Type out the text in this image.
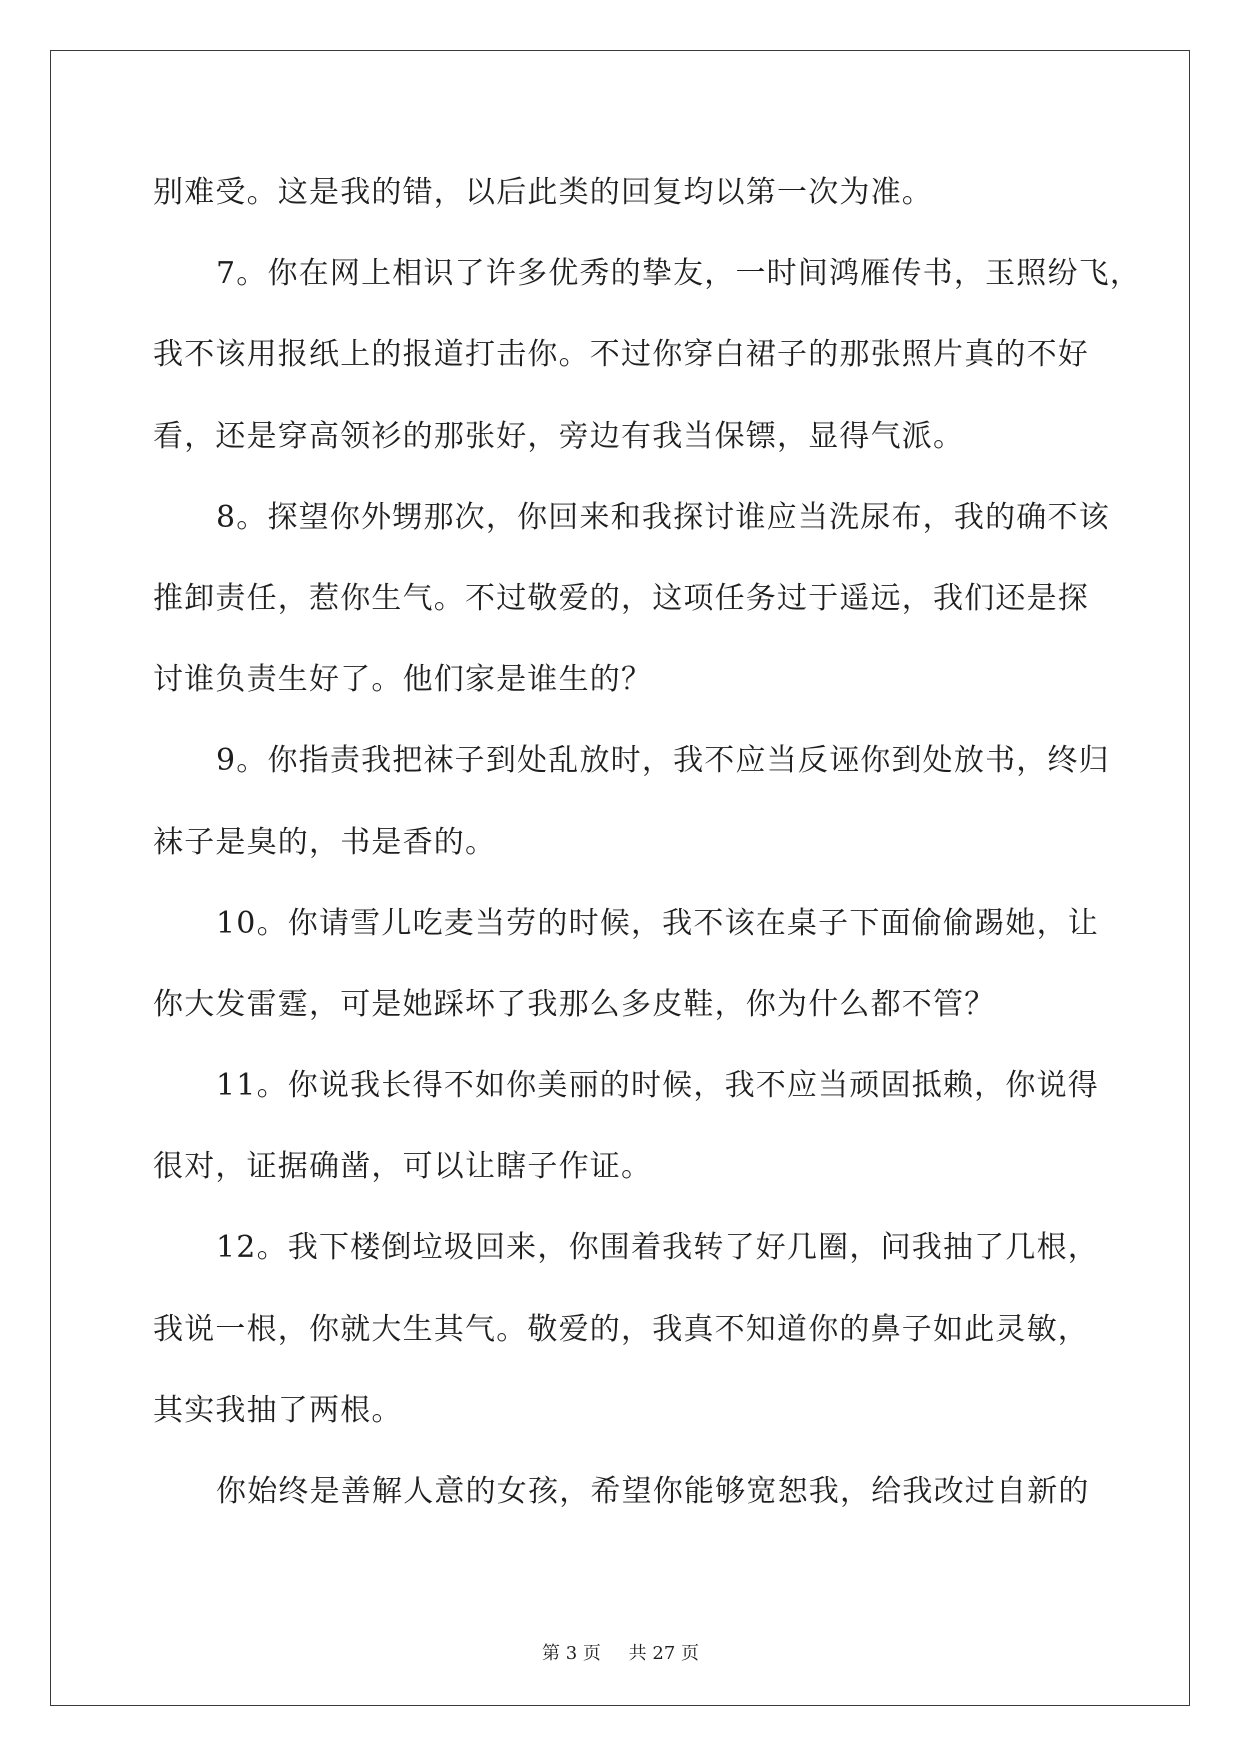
别难受。这是我的错，以后此类的回复均以第一次为准。
7。你在网上相识了许多优秀的挚友，一时间鸿雁传书，玉照纷飞，
我不该用报纸上的报道打击你。不过你穿白裙子的那张照片真的不好
看，还是穿高领衫的那张好，旁边有我当保镖，显得气派。
8。探望你外甥那次，你回来和我探讨谁应当洗尿布，我的确不该
推卸责任，惹你生气。不过敬爱的，这项任务过于遥远，我们还是探
讨谁负责生好了。他们家是谁生的？
9。你指责我把袜子到处乱放时，我不应当反诬你到处放书，终归
袜子是臭的，书是香的。
10。你请雪儿吃麦当劳的时候，我不该在桌子下面偷偷踢她，让
你大发雷霆，可是她踩坏了我那么多皮鞋，你为什么都不管？
11。你说我长得不如你美丽的时候，我不应当顽固抵赖，你说得
很对，证据确凿，可以让瞎子作证。
12。我下楼倒垃圾回来，你围着我转了好几圈，问我抽了几根，
我说一根，你就大生其气。敬爱的，我真不知道你的鼻子如此灵敏，
其实我抽了两根。
你始终是善解人意的女孩，希望你能够宽恕我，给我改过自新的
第 3 页 共 27 页
